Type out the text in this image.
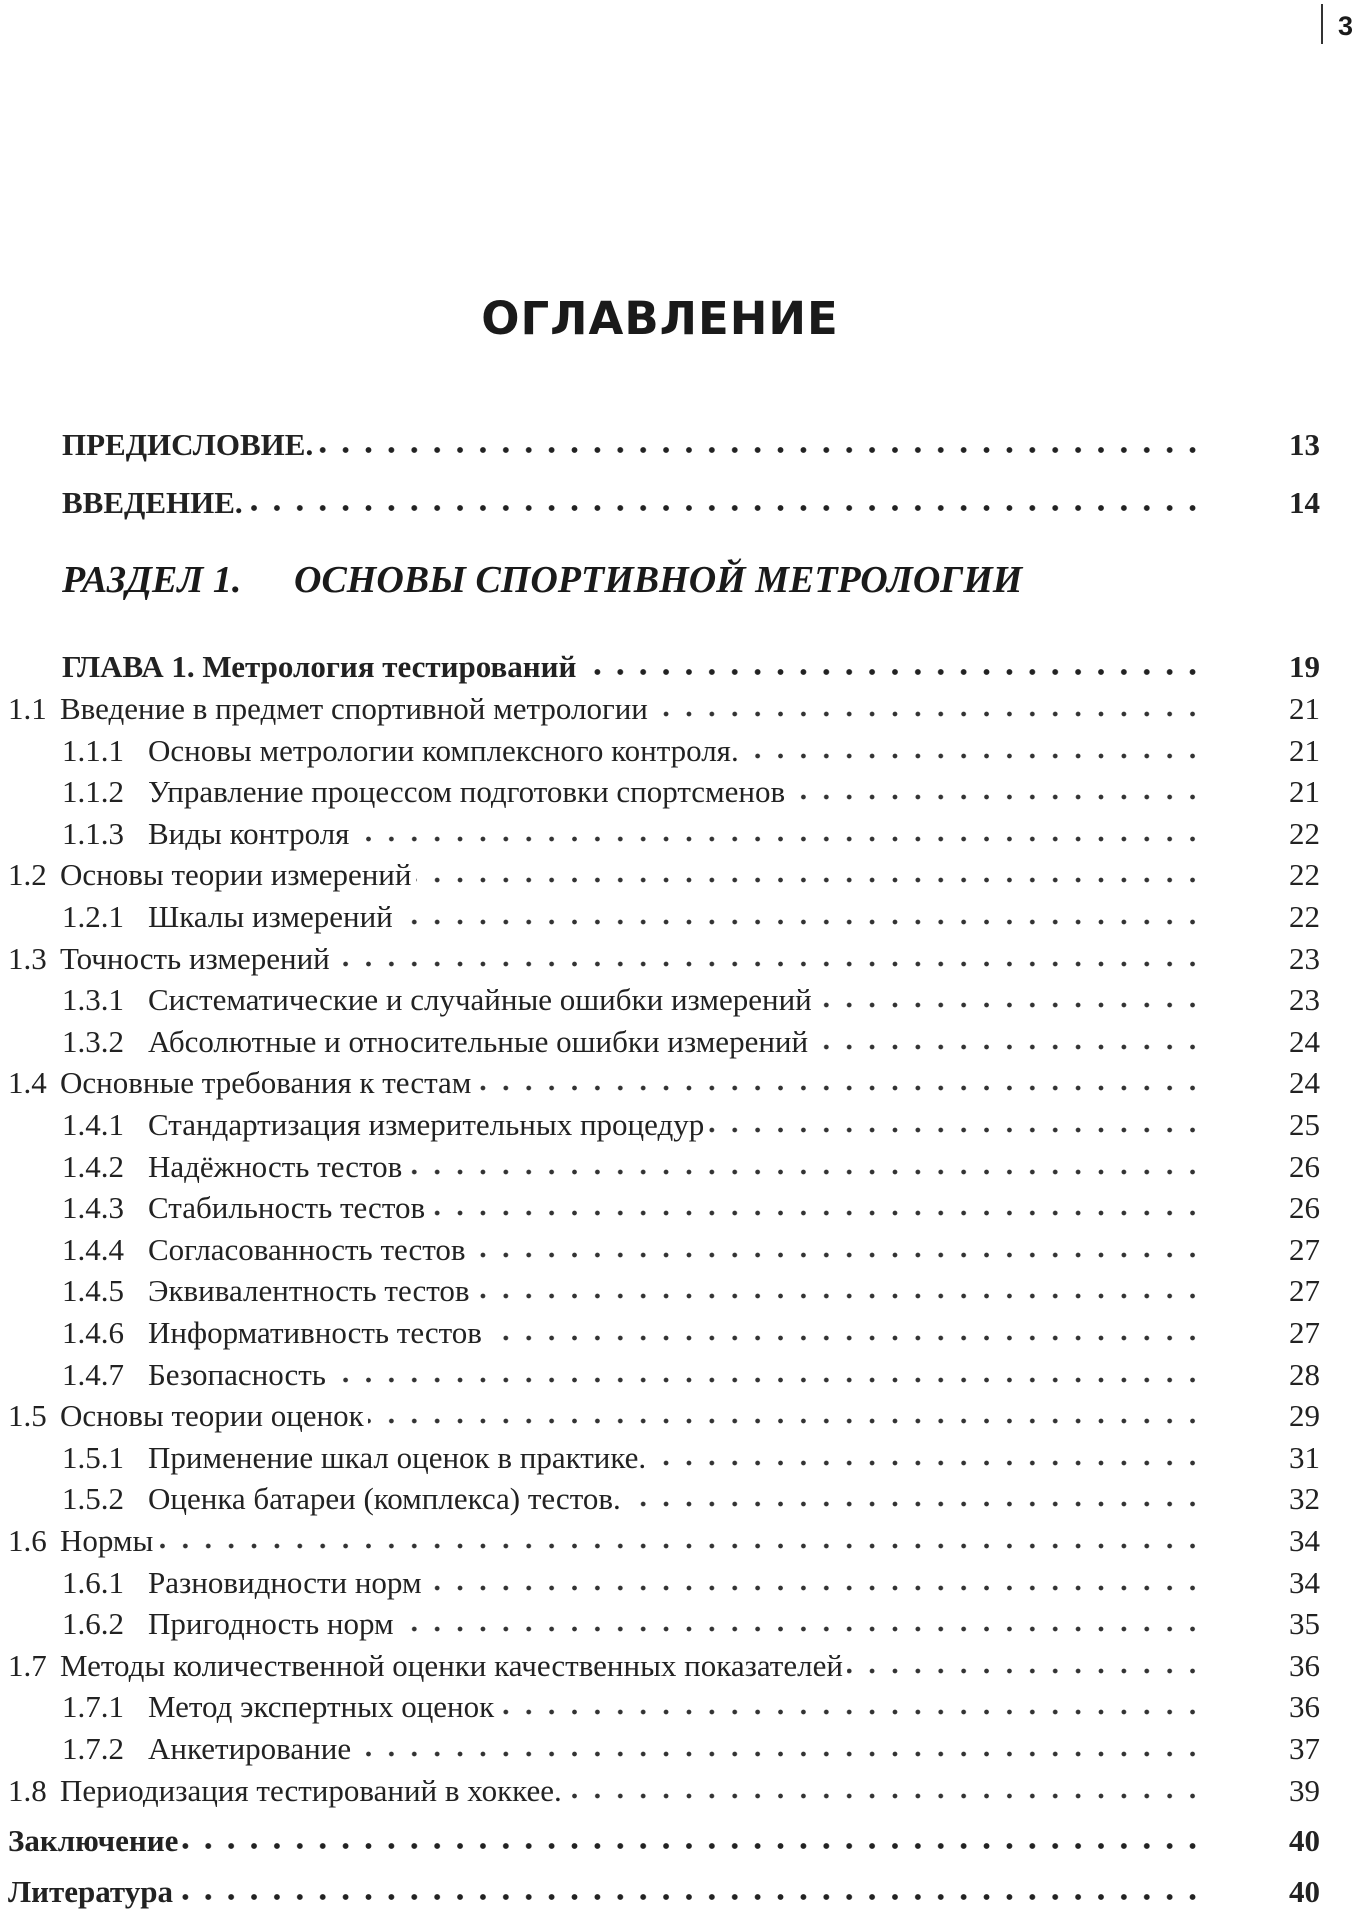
3
ОГЛАВЛЕНИЕ
ПРЕДИСЛОВИЕ.	13
ВВЕДЕНИЕ.	14
РАЗДЕЛ 1. ОСНОВЫ СПОРТИВНОЙ МЕТРОЛОГИИ
ГЛАВА 1. Метрология тестирований	19
1.1 Введение в предмет спортивной метрологии	21
1.1.1 Основы метрологии комплексного контроля.	21
1.1.2 Управление процессом подготовки спортсменов	21
1.1.3 Виды контроля	22
1.2 Основы теории измерений	22
1.2.1 Шкалы измерений	22
1.3 Точность измерений	23
1.3.1 Систематические и случайные ошибки измерений	23
1.3.2 Абсолютные и относительные ошибки измерений	24
1.4 Основные требования к тестам	24
1.4.1 Стандартизация измерительных процедур	25
1.4.2 Надёжность тестов	26
1.4.3 Стабильность тестов	26
1.4.4 Согласованность тестов	27
1.4.5 Эквивалентность тестов	27
1.4.6 Информативность тестов	27
1.4.7 Безопасность	28
1.5 Основы теории оценок	29
1.5.1 Применение шкал оценок в практике.	31
1.5.2 Оценка батареи (комплекса) тестов.	32
1.6 Нормы	34
1.6.1 Разновидности норм	34
1.6.2 Пригодность норм	35
1.7 Методы количественной оценки качественных показателей	36
1.7.1 Метод экспертных оценок	36
1.7.2 Анкетирование	37
1.8 Периодизация тестирований в хоккее.	39
Заключение	40
Литература	40
